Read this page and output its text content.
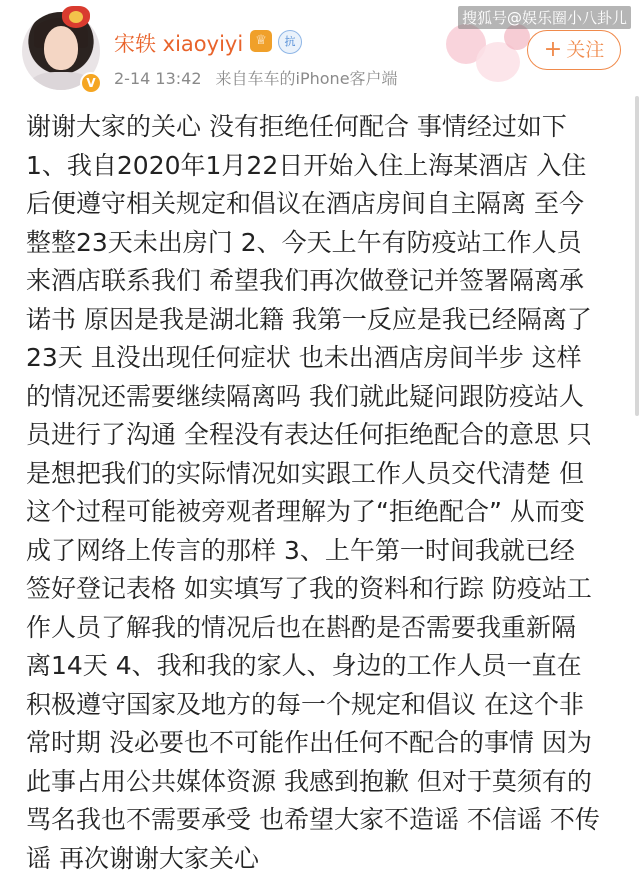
V
宋轶 xiaoyiyi ♕	抗
2-14 13:42 来自车车的iPhone客户端
搜狐号@娱乐圈小八卦儿
+ 关注
谢谢大家的关心 没有拒绝任何配合 事情经过如下
1、我自2020年1月22日开始入住上海某酒店 入住
后便遵守相关规定和倡议在酒店房间自主隔离 至今
整整23天未出房门 2、今天上午有防疫站工作人员
来酒店联系我们 希望我们再次做登记并签署隔离承
诺书 原因是我是湖北籍 我第一反应是我已经隔离了
23天 且没出现任何症状 也未出酒店房间半步 这样
的情况还需要继续隔离吗 我们就此疑问跟防疫站人
员进行了沟通 全程没有表达任何拒绝配合的意思 只
是想把我们的实际情况如实跟工作人员交代清楚 但
这个过程可能被旁观者理解为了“拒绝配合” 从而变
成了网络上传言的那样 3、上午第一时间我就已经
签好登记表格 如实填写了我的资料和行踪 防疫站工
作人员了解我的情况后也在斟酌是否需要我重新隔
离14天 4、我和我的家人、身边的工作人员一直在
积极遵守国家及地方的每一个规定和倡议 在这个非
常时期 没必要也不可能作出任何不配合的事情 因为
此事占用公共媒体资源 我感到抱歉 但对于莫须有的
骂名我也不需要承受 也希望大家不造谣 不信谣 不传
谣 再次谢谢大家关心
